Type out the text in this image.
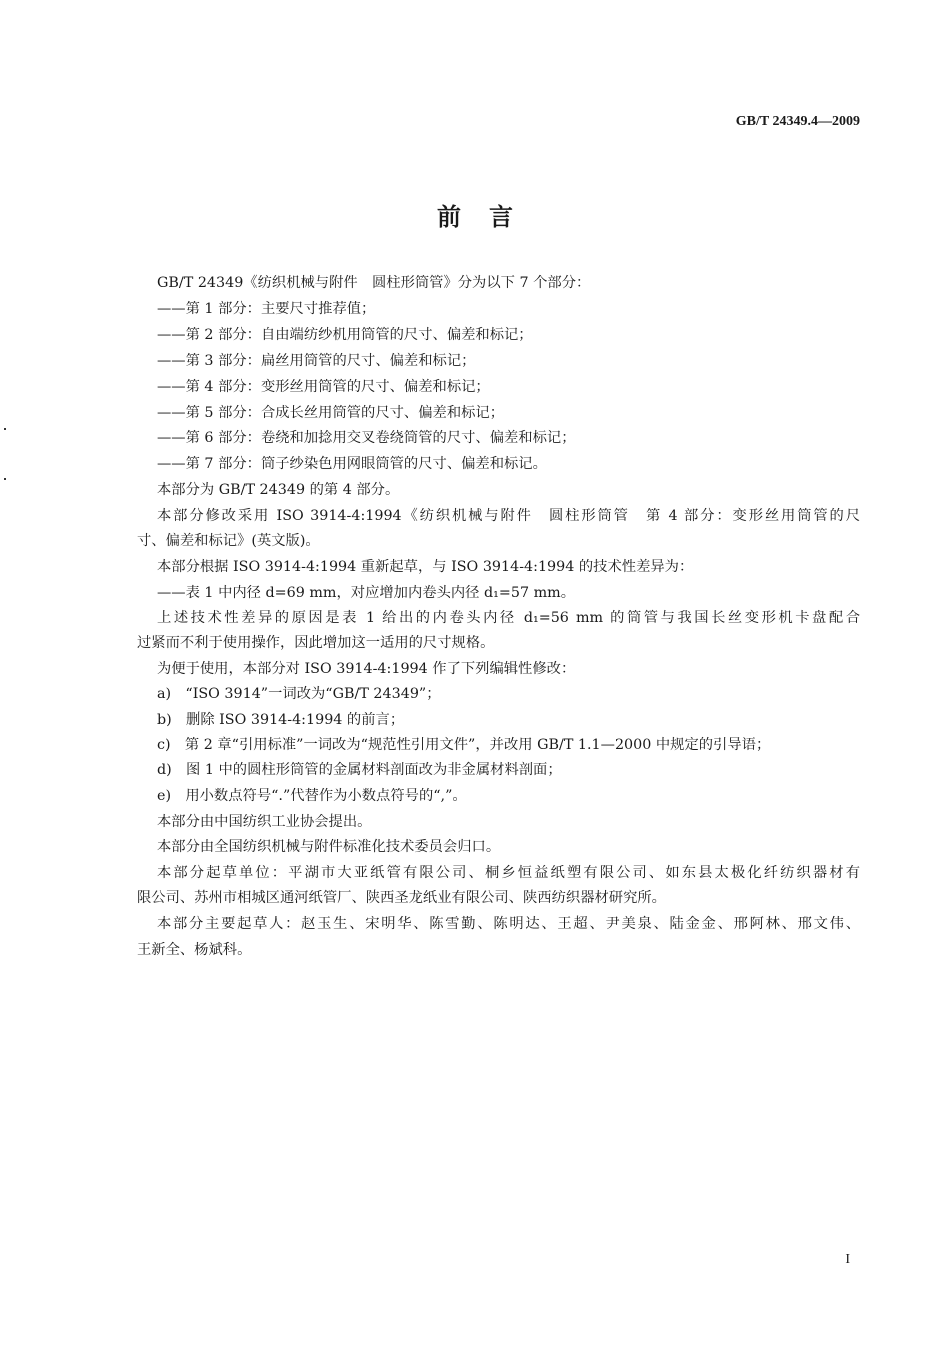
GB/T 24349.4—2009
前言
GB/T 24349《纺织机械与附件　圆柱形筒管》分为以下 7 个部分：
——第 1 部分：主要尺寸推荐值；
——第 2 部分：自由端纺纱机用筒管的尺寸、偏差和标记；
——第 3 部分：扁丝用筒管的尺寸、偏差和标记；
——第 4 部分：变形丝用筒管的尺寸、偏差和标记；
——第 5 部分：合成长丝用筒管的尺寸、偏差和标记；
——第 6 部分：卷绕和加捻用交叉卷绕筒管的尺寸、偏差和标记；
——第 7 部分：筒子纱染色用网眼筒管的尺寸、偏差和标记。
本部分为 GB/T 24349 的第 4 部分。
本部分修改采用 ISO 3914-4:1994《纺织机械与附件　圆柱形筒管　第 4 部分：变形丝用筒管的尺
寸、偏差和标记》(英文版)。
本部分根据 ISO 3914-4:1994 重新起草，与 ISO 3914-4:1994 的技术性差异为：
——表 1 中内径 d=69 mm，对应增加内卷头内径 d₁=57 mm。
上述技术性差异的原因是表 1 给出的内卷头内径 d₁=56 mm 的筒管与我国长丝变形机卡盘配合
过紧而不利于使用操作，因此增加这一适用的尺寸规格。
为便于使用，本部分对 ISO 3914-4:1994 作了下列编辑性修改：
a)　“ISO 3914”一词改为“GB/T 24349”；
b)　删除 ISO 3914-4:1994 的前言；
c)　第 2 章“引用标准”一词改为“规范性引用文件”，并改用 GB/T 1.1—2000 中规定的引导语；
d)　图 1 中的圆柱形筒管的金属材料剖面改为非金属材料剖面；
e)　用小数点符号“.”代替作为小数点符号的“,”。
本部分由中国纺织工业协会提出。
本部分由全国纺织机械与附件标准化技术委员会归口。
本部分起草单位：平湖市大亚纸管有限公司、桐乡恒益纸塑有限公司、如东县太极化纤纺织器材有
限公司、苏州市相城区通河纸管厂、陕西圣龙纸业有限公司、陕西纺织器材研究所。
本部分主要起草人：赵玉生、宋明华、陈雪勤、陈明达、王超、尹美泉、陆金金、邢阿林、邢文伟、
王新全、杨斌科。
I
